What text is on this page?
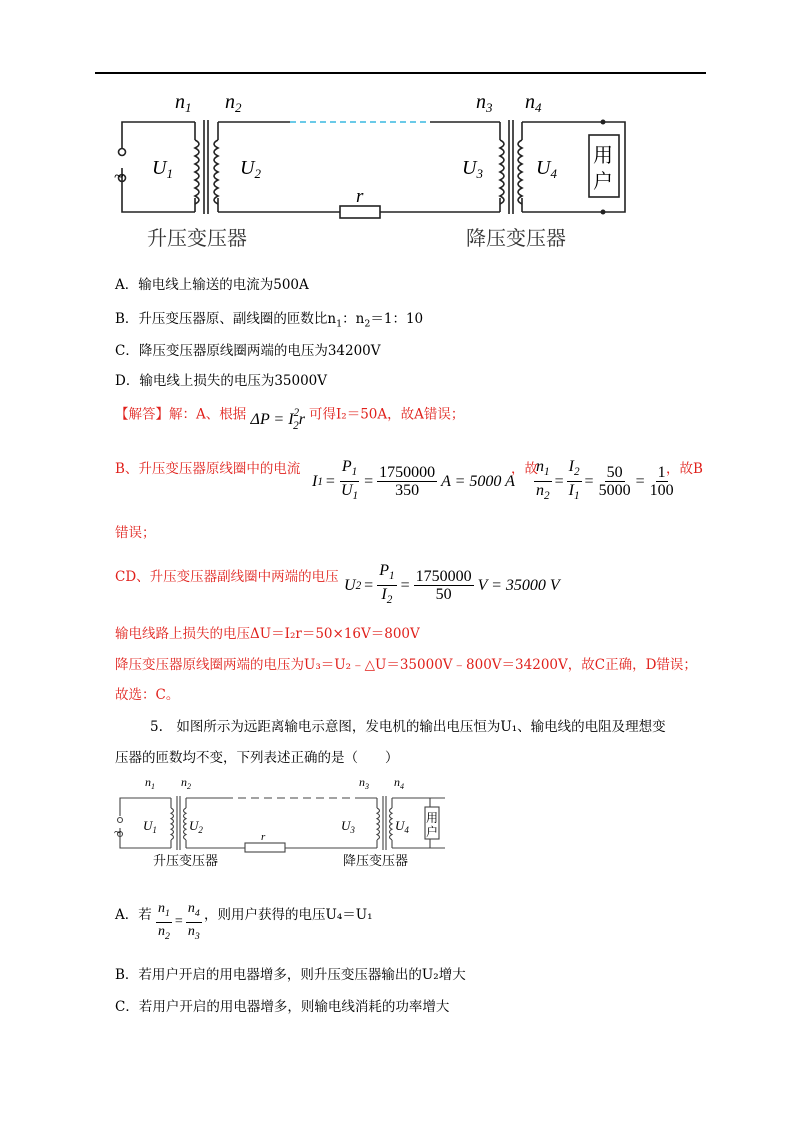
~
$n_1$ $n_2$	$n_3$ $n_4$
$U_1$	$U_2$	$U_3$	$U_4$
r
用
户
升压变压器	降压变压器
A．输电线上输送的电流为500A
B．升压变压器原、副线圈的匝数比$n_1$：$n_2=1$：10
C．降压变压器原线圈两端的电压为34200V
D．输电线上损失的电压为35000V
【解答】解：A、根据 $\Delta P = I^2_2r$ 可得I₂＝50A，故A错误；
B、升压变压器原线圈中的电流
I $1 = \frac{P_1}{U_1} = \frac{1750000}{350}$ A = 5000 A
，故
$\frac{n_1}{n_2} = \frac{I_2}{I_1} = \frac{50}{5000} = \frac{1}{100}$
，故B
错误；
CD、升压变压器副线圈中两端的电压 U $2 = \frac{P_1}{I_2} = \frac{1750000}{50}$ V = 35000 V
输电线路上损失的电压ΔU＝I₂r＝50×16V＝800V
降压变压器原线圈两端的电压为U₃＝U₂﹣△U＝35000V﹣800V＝34200V，故C正确，D错误；
故选：C。
5.　如图所示为远距离输电示意图，发电机的输出电压恒为U₁、输电线的电阻及理想变
压器的匝数均不变，下列表述正确的是（　　）
~
$n_1$ $n_2$	$n_3$ $n_4$
$U_1$ $U_2$	$U_3$	$U_4$
r
用
户
升压变压器	降压变压器
A．若 $\frac{n_1}{n_2} = \frac{n_4}{n_3}$ ，则用户获得的电压U₄＝U₁
B．若用户开启的用电器增多，则升压变压器输出的U₂增大
C．若用户开启的用电器增多，则输电线消耗的功率增大
